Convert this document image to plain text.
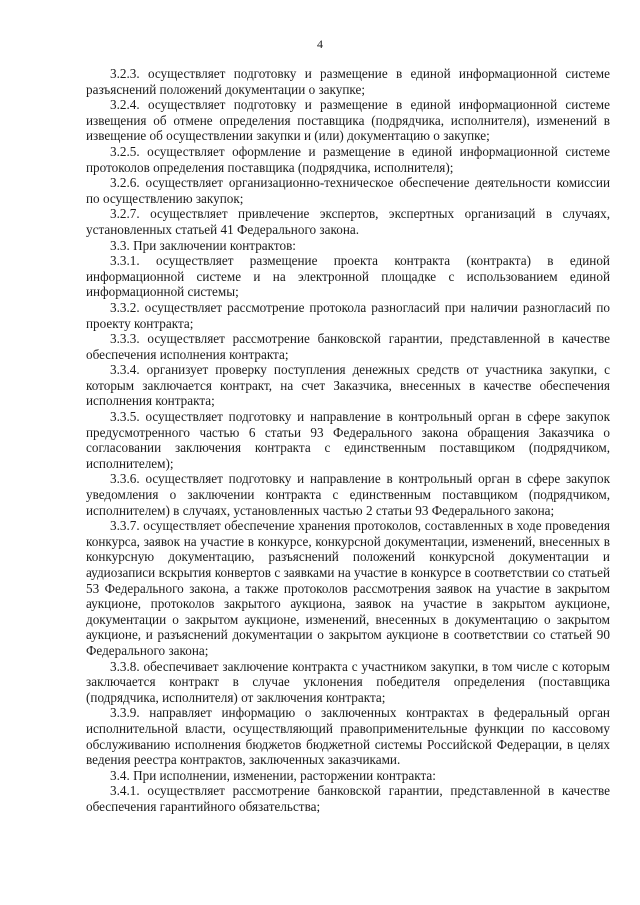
4

3.2.3. осуществляет подготовку и размещение в единой информационной системе разъяснений положений документации о закупке;

3.2.4. осуществляет подготовку и размещение в единой информационной системе извещения об отмене определения поставщика (подрядчика, исполнителя), изменений в извещение об осуществлении закупки и (или) документацию о закупке;

3.2.5. осуществляет оформление и размещение в единой информационной системе протоколов определения поставщика (подрядчика, исполнителя);

3.2.6. осуществляет организационно-техническое обеспечение деятельности комиссии по осуществлению закупок;

3.2.7. осуществляет привлечение экспертов, экспертных организаций в случаях, установленных статьей 41 Федерального закона.

3.3. При заключении контрактов:

3.3.1. осуществляет размещение проекта контракта (контракта) в единой информационной системе и на электронной площадке с использованием единой информационной системы;

3.3.2. осуществляет рассмотрение протокола разногласий при наличии разногласий по проекту контракта;

3.3.3. осуществляет рассмотрение банковской гарантии, представленной в качестве обеспечения исполнения контракта;

3.3.4. организует проверку поступления денежных средств от участника закупки, с которым заключается контракт, на счет Заказчика, внесенных в качестве обеспечения исполнения контракта;

3.3.5. осуществляет подготовку и направление в контрольный орган в сфере закупок предусмотренного частью 6 статьи 93 Федерального закона обращения Заказчика о согласовании заключения контракта с единственным поставщиком (подрядчиком, исполнителем);

3.3.6. осуществляет подготовку и направление в контрольный орган в сфере закупок уведомления о заключении контракта с единственным поставщиком (подрядчиком, исполнителем) в случаях, установленных частью 2 статьи 93 Федерального закона;

3.3.7. осуществляет обеспечение хранения протоколов, составленных в ходе проведения конкурса, заявок на участие в конкурсе, конкурсной документации, изменений, внесенных в конкурсную документацию, разъяснений положений конкурсной документации и аудиозаписи вскрытия конвертов с заявками на участие в конкурсе в соответствии со статьей 53 Федерального закона, а также протоколов рассмотрения заявок на участие в закрытом аукционе, протоколов закрытого аукциона, заявок на участие в закрытом аукционе, документации о закрытом аукционе, изменений, внесенных в документацию о закрытом аукционе, и разъяснений документации о закрытом аукционе в соответствии со статьей 90 Федерального закона;

3.3.8. обеспечивает заключение контракта с участником закупки, в том числе с которым заключается контракт в случае уклонения победителя определения (поставщика (подрядчика, исполнителя) от заключения контракта;

3.3.9. направляет информацию о заключенных контрактах в федеральный орган исполнительной власти, осуществляющий правоприменительные функции по кассовому обслуживанию исполнения бюджетов бюджетной системы Российской Федерации, в целях ведения реестра контрактов, заключенных заказчиками.

3.4. При исполнении, изменении, расторжении контракта:

3.4.1. осуществляет рассмотрение банковской гарантии, представленной в качестве обеспечения гарантийного обязательства;
